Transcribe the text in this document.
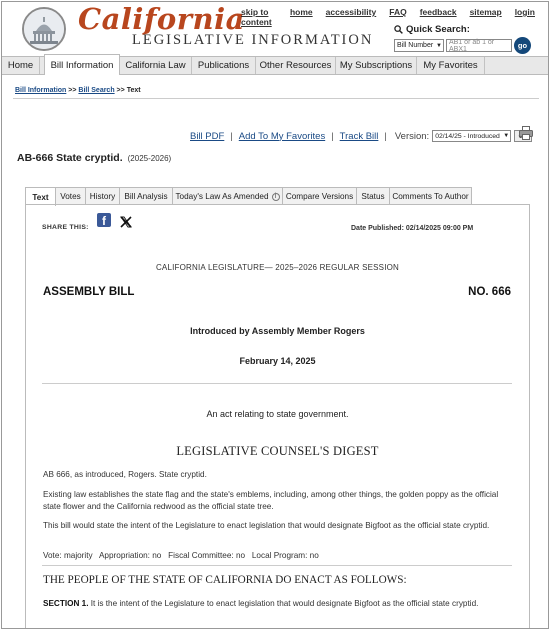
California
LEGISLATIVE INFORMATION
skip to content
home accessibility FAQ feedback sitemap login
Quick Search:
Bill Number ▼ AB1 or ab 1 or ABX1	go
Home	Bill Information	California Law	Publications	Other Resources My Subscriptions	My Favorites
Bill Information >> Bill Search >> Text
Bill PDF | Add To My Favorites | Track Bill | Version: 02/14/25 - Introduced ▼
AB-666 State cryptid. (2025-2026)
Text	Votes	History	Bill Analysis Today's Law As Amended i	Compare Versions	Status Comments To Author
SHARE THIS: f
Date Published: 02/14/2025 09:00 PM
CALIFORNIA LEGISLATURE— 2025–2026 REGULAR SESSION
ASSEMBLY BILL	NO. 666
Introduced by Assembly Member Rogers
February 14, 2025
An act relating to state government.
LEGISLATIVE COUNSEL'S DIGEST
AB 666, as introduced, Rogers. State cryptid.
Existing law establishes the state flag and the state's emblems, including, among other things, the golden poppy as the official state flower and the California redwood as the official state tree.
This bill would state the intent of the Legislature to enact legislation that would designate Bigfoot as the official state cryptid.
Vote: majority   Appropriation: no   Fiscal Committee: no   Local Program: no
THE PEOPLE OF THE STATE OF CALIFORNIA DO ENACT AS FOLLOWS:
SECTION 1. It is the intent of the Legislature to enact legislation that would designate Bigfoot as the official state cryptid.
